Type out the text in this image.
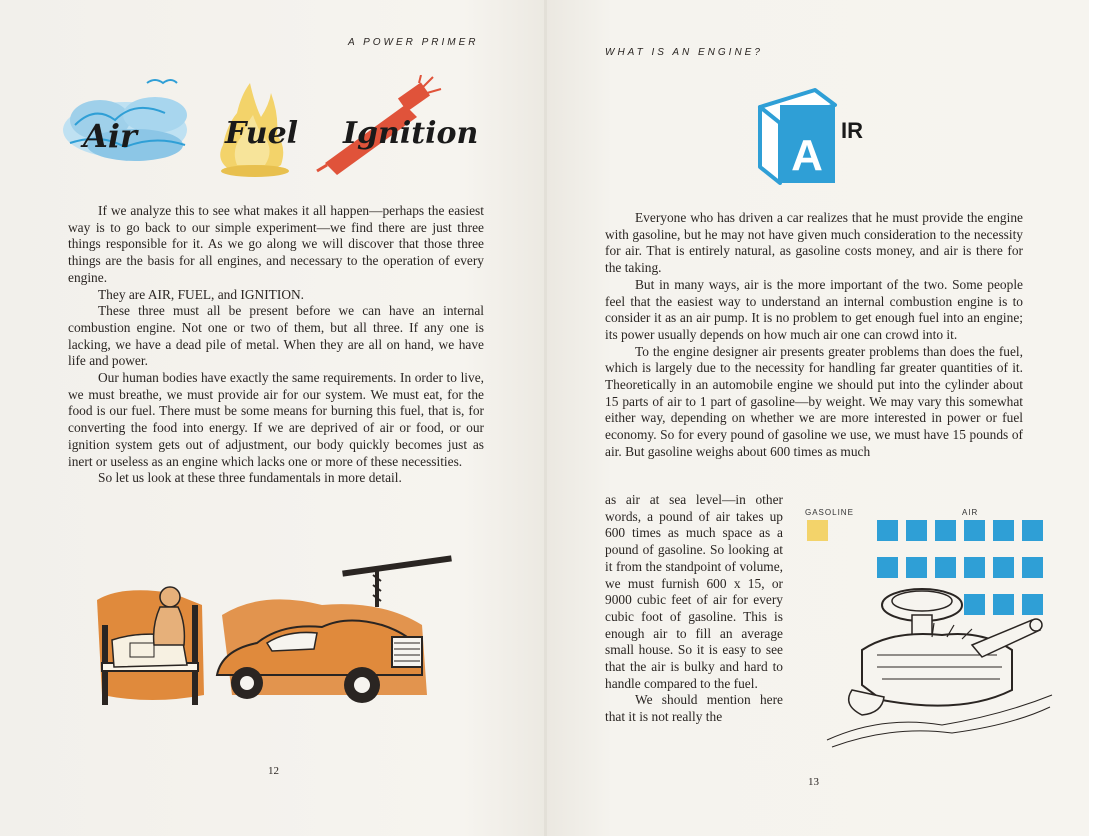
A POWER PRIMER
Air	Fuel Ignition

If we analyze this to see what makes it all happen—perhaps the easiest way is to go back to our simple experiment—we find there are just three things responsible for it. As we go along we will discover that those three things are the basis for all engines, and necessary to the operation of every engine.

They are AIR, FUEL, and IGNITION.

These three must all be present before we can have an internal combustion engine. Not one or two of them, but all three. If any one is lacking, we have a dead pile of metal. When they are all on hand, we have life and power.

Our human bodies have exactly the same requirements. In order to live, we must breathe, we must provide air for our system. We must eat, for the food is our fuel. There must be some means for burning this fuel, that is, for converting the food into energy. If we are deprived of air or food, or our ignition system gets out of adjustment, our body quickly becomes just as inert or useless as an engine which lacks one or more of these necessities.

So let us look at these three fundamentals in more detail.

12
WHAT IS AN ENGINE?
A
IR

Everyone who has driven a car realizes that he must provide the engine with gasoline, but he may not have given much consideration to the necessity for air. That is entirely natural, as gasoline costs money, and air is there for the taking.

But in many ways, air is the more important of the two. Some people feel that the easiest way to understand an internal combustion engine is to consider it as an air pump. It is no problem to get enough fuel into an engine; its power usually depends on how much air one can crowd into it.

To the engine designer air presents greater problems than does the fuel, which is largely due to the necessity for handling far greater quantities of it. Theoretically in an automobile engine we should put into the cylinder about 15 parts of air to 1 part of gasoline—by weight. We may vary this somewhat either way, depending on whether we are more interested in power or fuel economy. So for every pound of gasoline we use, we must have 15 pounds of air. But gasoline weighs about 600 times as much

as air at sea level—in other words, a pound of air takes up 600 times as much space as a pound of gasoline. So looking at it from the standpoint of volume, we must furnish 600 x 15, or 9000 cubic feet of air for every cubic foot of gasoline. This is enough air to fill an average small house. So it is easy to see that the air is bulky and hard to handle compared to the fuel.

We should mention here that it is not really the

GASOLINE	AIR
13
